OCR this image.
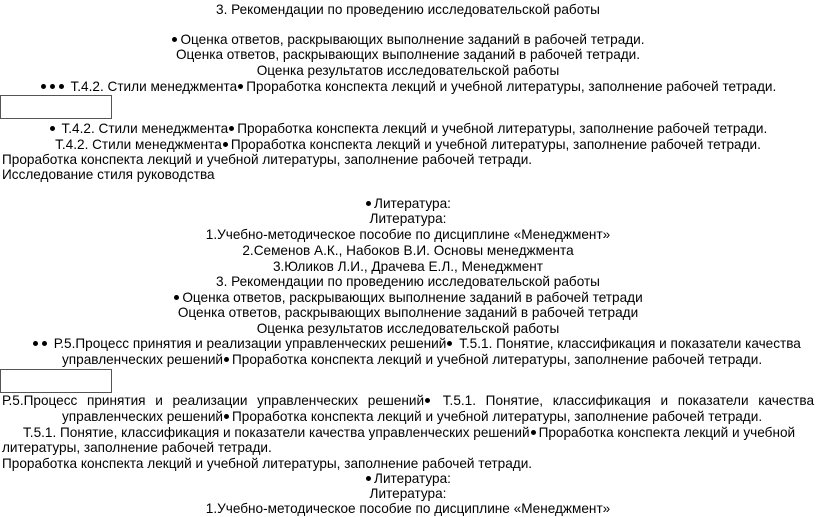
3. Рекомендации по проведению исследовательской работы
Оценка ответов, раскрывающих выполнение заданий в рабочей тетради.
Оценка ответов, раскрывающих выполнение заданий в рабочей тетради.
Оценка результатов исследовательской работы
Т.4.2. Стили менеджмента Проработка конспекта лекций и учебной литературы, заполнение рабочей тетради.
Т.4.2. Стили менеджмента Проработка конспекта лекций и учебной литературы, заполнение рабочей тетради.
Т.4.2. Стили менеджмента Проработка конспекта лекций и учебной литературы, заполнение рабочей тетради.
Проработка конспекта лекций и учебной литературы, заполнение рабочей тетради.
Исследование стиля руководства
Литература:
Литература:
1.Учебно-методическое пособие по дисциплине «Менеджмент»
2.Семенов А.К., Набоков В.И. Основы менеджмента
3.Юликов Л.И., Драчева Е.Л., Менеджмент
3. Рекомендации по проведению исследовательской работы
Оценка ответов, раскрывающих выполнение заданий в рабочей тетради
Оценка ответов, раскрывающих выполнение заданий в рабочей тетради
Оценка результатов исследовательской работы
Р.5.Процесс принятия и реализации управленческих решений Т.5.1. Понятие, классификация и показатели качества
управленческих решений Проработка конспекта лекций и учебной литературы, заполнение рабочей тетради.
Р.5.Процесс принятия и реализации управленческих решений Т.5.1. Понятие, классификация и показатели качества
управленческих решений Проработка конспекта лекций и учебной литературы, заполнение рабочей тетради.
Т.5.1. Понятие, классификация и показатели качества управленческих решений Проработка конспекта лекций и учебной
литературы, заполнение рабочей тетради.
Проработка конспекта лекций и учебной литературы, заполнение рабочей тетради.
Литература:
Литература:
1.Учебно-методическое пособие по дисциплине «Менеджмент»
